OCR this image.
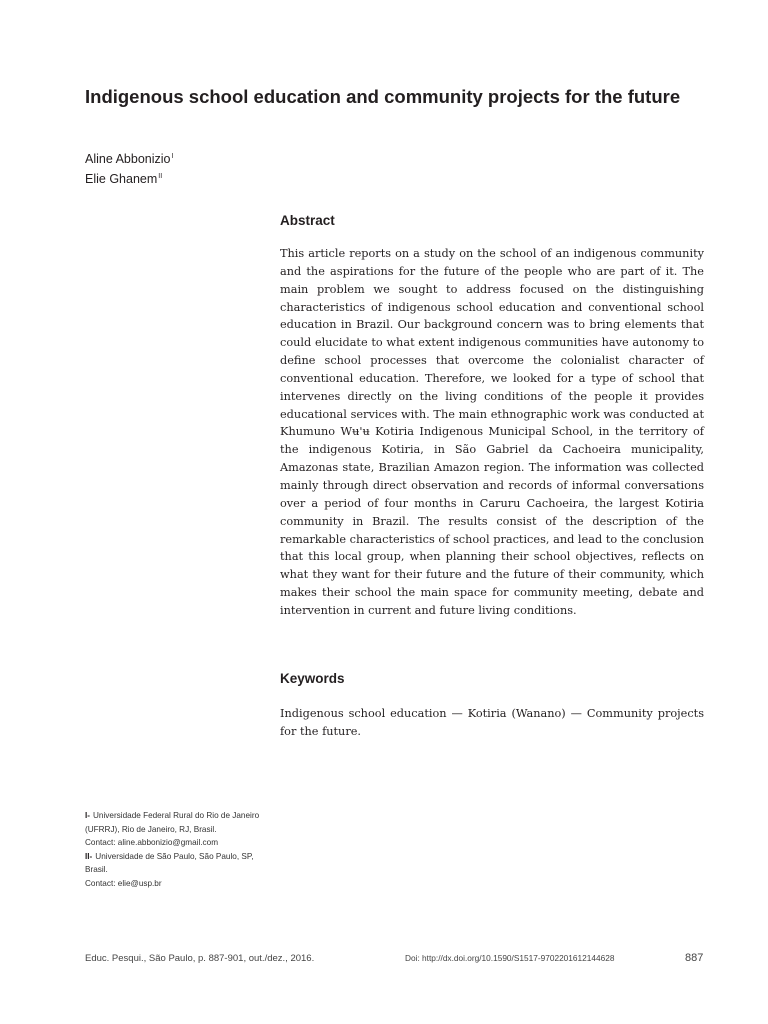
Indigenous school education and community projects for the future
Aline Abbonizio$^I$
Elie Ghanem$^{II}$
Abstract

This article reports on a study on the school of an indigenous community and the aspirations for the future of the people who are part of it. The main problem we sought to address focused on the distinguishing characteristics of indigenous school education and conventional school education in Brazil. Our background concern was to bring elements that could elucidate to what extent indigenous communities have autonomy to define school processes that overcome the colonialist character of conventional education. Therefore, we looked for a type of school that intervenes directly on the living conditions of the people it provides educational services with. The main ethnographic work was conducted at Khumuno Wʉ'ʉ Kotiria Indigenous Municipal School, in the territory of the indigenous Kotiria, in São Gabriel da Cachoeira municipality, Amazonas state, Brazilian Amazon region. The information was collected mainly through direct observation and records of informal conversations over a period of four months in Caruru Cachoeira, the largest Kotiria community in Brazil. The results consist of the description of the remarkable characteristics of school practices, and lead to the conclusion that this local group, when planning their school objectives, reflects on what they want for their future and the future of their community, which makes their school the main space for community meeting, debate and intervention in current and future living conditions.

Keywords

Indigenous school education — Kotiria (Wanano) — Community projects for the future.

I- Universidade Federal Rural do Rio de Janeiro (UFRRJ), Rio de Janeiro, RJ, Brasil.
Contact: aline.abbonizio@gmail.com
II- Universidade de São Paulo, São Paulo, SP, Brasil.
Contact: elie@usp.br
Educ. Pesqui., São Paulo, p. 887-901, out./dez., 2016.	Doi: http://dx.doi.org/10.1590/S1517-9702201612144628	887
